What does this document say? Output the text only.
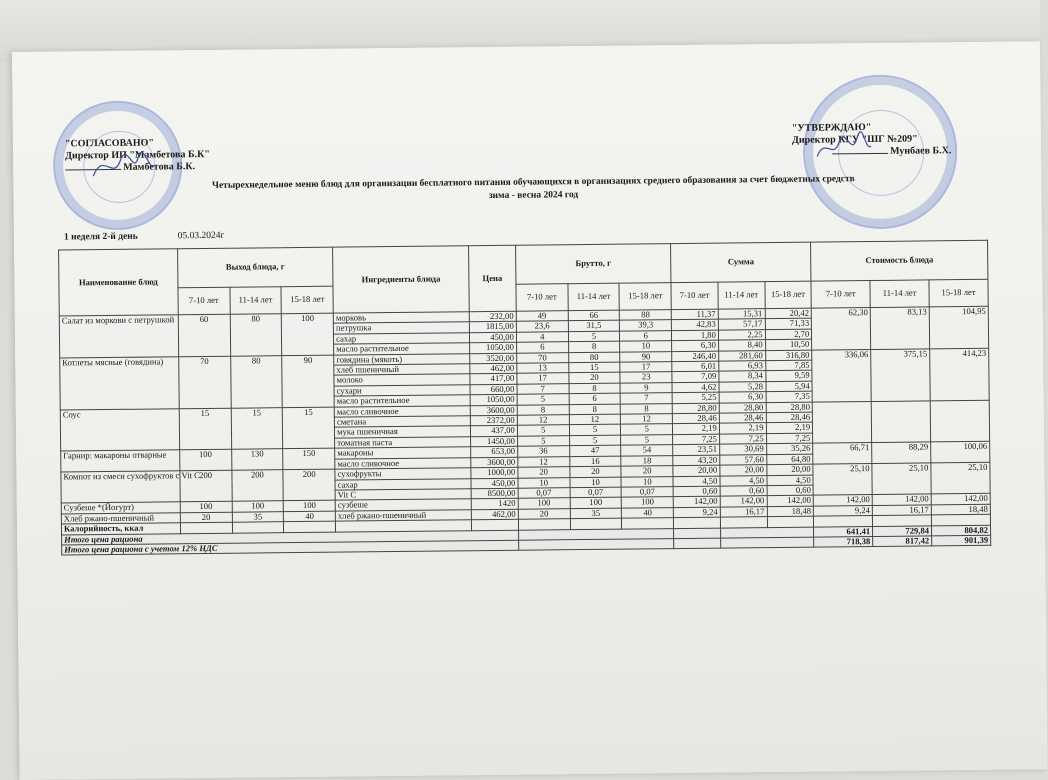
"СОГЛАСОВАНО"
Директор ИП "Мамбетова Б.К"
Мамбетова Б.К.
"УТВЕРЖДАЮ"
Директор КГУ "ШГ №209"
Мунбаев Б.Х.
Четырехнедельное меню блюд для организации бесплатного питания обучающихся в организациях среднего образования за счет бюджетных средств
зима - весна 2024 год
1 неделя 2-й день	05.03.2024г
Наименование блюд	Выход блюда, г			Ингредиенты блюда	Цена	Брутто, г			Сумма			Стоимость блюда		
	7-10 лет	11-14 лет	15-18 лет			7-10 лет	11-14 лет	15-18 лет	7-10 лет	11-14 лет	15-18 лет	7-10 лет	11-14 лет	15-18 лет
Салат из моркови с петрушкой	60	80	100	морковь	232,00	49	66	88	11,37	15,31	20,42	62,30	83,13	104,95
				петрушка	1815,00	23,6	31,5	39,3	42,83	57,17	71,33			
				сахар	450,00	4	5	6	1,80	2,25	2,70			
				масло растительное	1050,00	6	8	10	6,30	8,40	10,50			
Котлеты мясные (говядина)	70	80	90	говядина (мякоть)	3520,00	70	80	90	246,40	281,60	316,80	336,06	375,15	414,23
				хлеб пшеничный	462,00	13	15	17	6,01	6,93	7,85			
				молоко	417,00	17	20	23	7,09	8,34	9,59			
				сухари	660,00	7	8	9	4,62	5,28	5,94			
				масло растительное	1050,00	5	6	7	5,25	6,30	7,35			
Соус	15	15	15	масло сливочное	3600,00	8	8	8	28,80	28,80	28,80			
				сметана	2372,00	12	12	12	28,46	28,46	28,46			
				мука пшеничная	437,00	5	5	5	2,19	2,19	2,19			
				томатная паста	1450,00	5	5	5	7,25	7,25	7,25			
Гарнир: макароны отварные	100	130	150	макароны	653,00	36	47	54	23,51	30,69	35,26	66,71	88,29	100,06
				масло сливочное	3600,00	12	16	18	43,20	57,60	64,80			
Компот из смеси сухофруктов с Vit C	200	200	200	сухофрукты	1000,00	20	20	20	20,00	20,00	20,00	25,10	25,10	25,10
				сахар	450,00	10	10	10	4,50	4,50	4,50			
				Vit C	8500,00	0,07	0,07	0,07	0,60	0,60	0,60			
Сузбеше *(Йогурт)	100	100	100	сузбеше	1420	100	100	100	142,00	142,00	142,00	142,00	142,00	142,00
Хлеб ржано-пшеничный	20	35	40	хлеб ржано-пшеничный	462,00	20	35	40	9,24	16,17	18,48	9,24	16,17	18,48
Калорийность, ккал														
Итого цена рациона												641,41	729,84	804,82
Итого цена рациона с учетом 12% НДС												718,38	817,42	901,39
